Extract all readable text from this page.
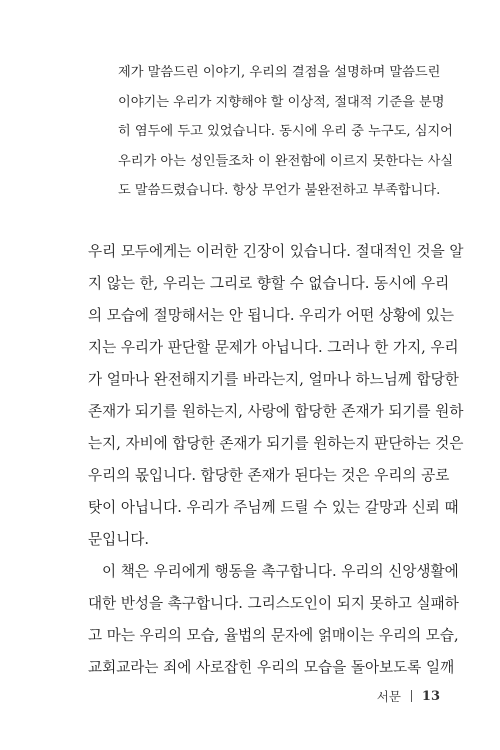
제가 말씀드린 이야기, 우리의 결점을 설명하며 말씀드린
이야기는 우리가 지향해야 할 이상적, 절대적 기준을 분명
히 염두에 두고 있었습니다. 동시에 우리 중 누구도, 심지어
우리가 아는 성인들조차 이 완전함에 이르지 못한다는 사실
도 말씀드렸습니다. 항상 무언가 불완전하고 부족합니다.
우리 모두에게는 이러한 긴장이 있습니다. 절대적인 것을 알
지 않는 한, 우리는 그리로 향할 수 없습니다. 동시에 우리
의 모습에 절망해서는 안 됩니다. 우리가 어떤 상황에 있는
지는 우리가 판단할 문제가 아닙니다. 그러나 한 가지, 우리
가 얼마나 완전해지기를 바라는지, 얼마나 하느님께 합당한
존재가 되기를 원하는지, 사랑에 합당한 존재가 되기를 원하
는지, 자비에 합당한 존재가 되기를 원하는지 판단하는 것은
우리의 몫입니다. 합당한 존재가 된다는 것은 우리의 공로
탓이 아닙니다. 우리가 주님께 드릴 수 있는 갈망과 신뢰 때
문입니다.
이 책은 우리에게 행동을 촉구합니다. 우리의 신앙생활에
대한 반성을 촉구합니다. 그리스도인이 되지 못하고 실패하
고 마는 우리의 모습, 율법의 문자에 얽매이는 우리의 모습,
교회교라는 죄에 사로잡힌 우리의 모습을 돌아보도록 일깨
서문 13
